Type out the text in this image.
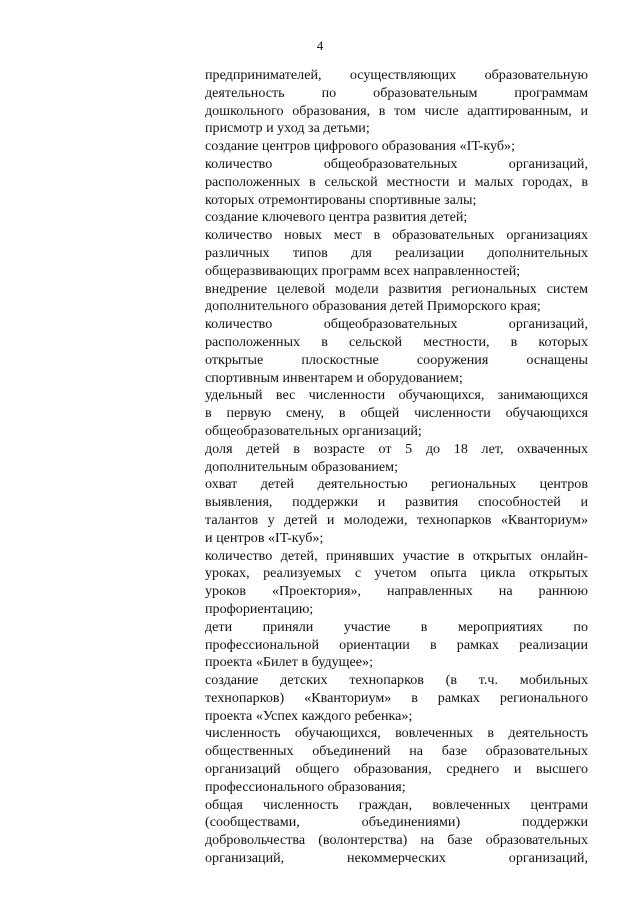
4
предпринимателей, осуществляющих образовательную
деятельность по образовательным программам
дошкольного образования, в том числе адаптированным, и
присмотр и уход за детьми;
создание центров цифрового образования «IT-куб»;
количество общеобразовательных организаций,
расположенных в сельской местности и малых городах, в
которых отремонтированы спортивные залы;
создание ключевого центра развития детей;
количество новых мест в образовательных организациях
различных типов для реализации дополнительных
общеразвивающих программ всех направленностей;
внедрение целевой модели развития региональных систем
дополнительного образования детей Приморского края;
количество общеобразовательных организаций,
расположенных в сельской местности, в которых
открытые плоскостные сооружения оснащены
спортивным инвентарем и оборудованием;
удельный вес численности обучающихся, занимающихся
в первую смену, в общей численности обучающихся
общеобразовательных организаций;
доля детей в возрасте от 5 до 18 лет, охваченных
дополнительным образованием;
охват детей деятельностью региональных центров
выявления, поддержки и развития способностей и
талантов у детей и молодежи, технопарков «Кванториум»
и центров «IT-куб»;
количество детей, принявших участие в открытых онлайн-
уроках, реализуемых с учетом опыта цикла открытых
уроков «Проектория», направленных на раннюю
профориентацию;
дети приняли участие в мероприятиях по
профессиональной ориентации в рамках реализации
проекта «Билет в будущее»;
создание детских технопарков (в т.ч. мобильных
технопарков) «Кванториум» в рамках регионального
проекта «Успех каждого ребенка»;
численность обучающихся, вовлеченных в деятельность
общественных объединений на базе образовательных
организаций общего образования, среднего и высшего
профессионального образования;
общая численность граждан, вовлеченных центрами
(сообществами, объединениями) поддержки
добровольчества (волонтерства) на базе образовательных
организаций, некоммерческих организаций,
